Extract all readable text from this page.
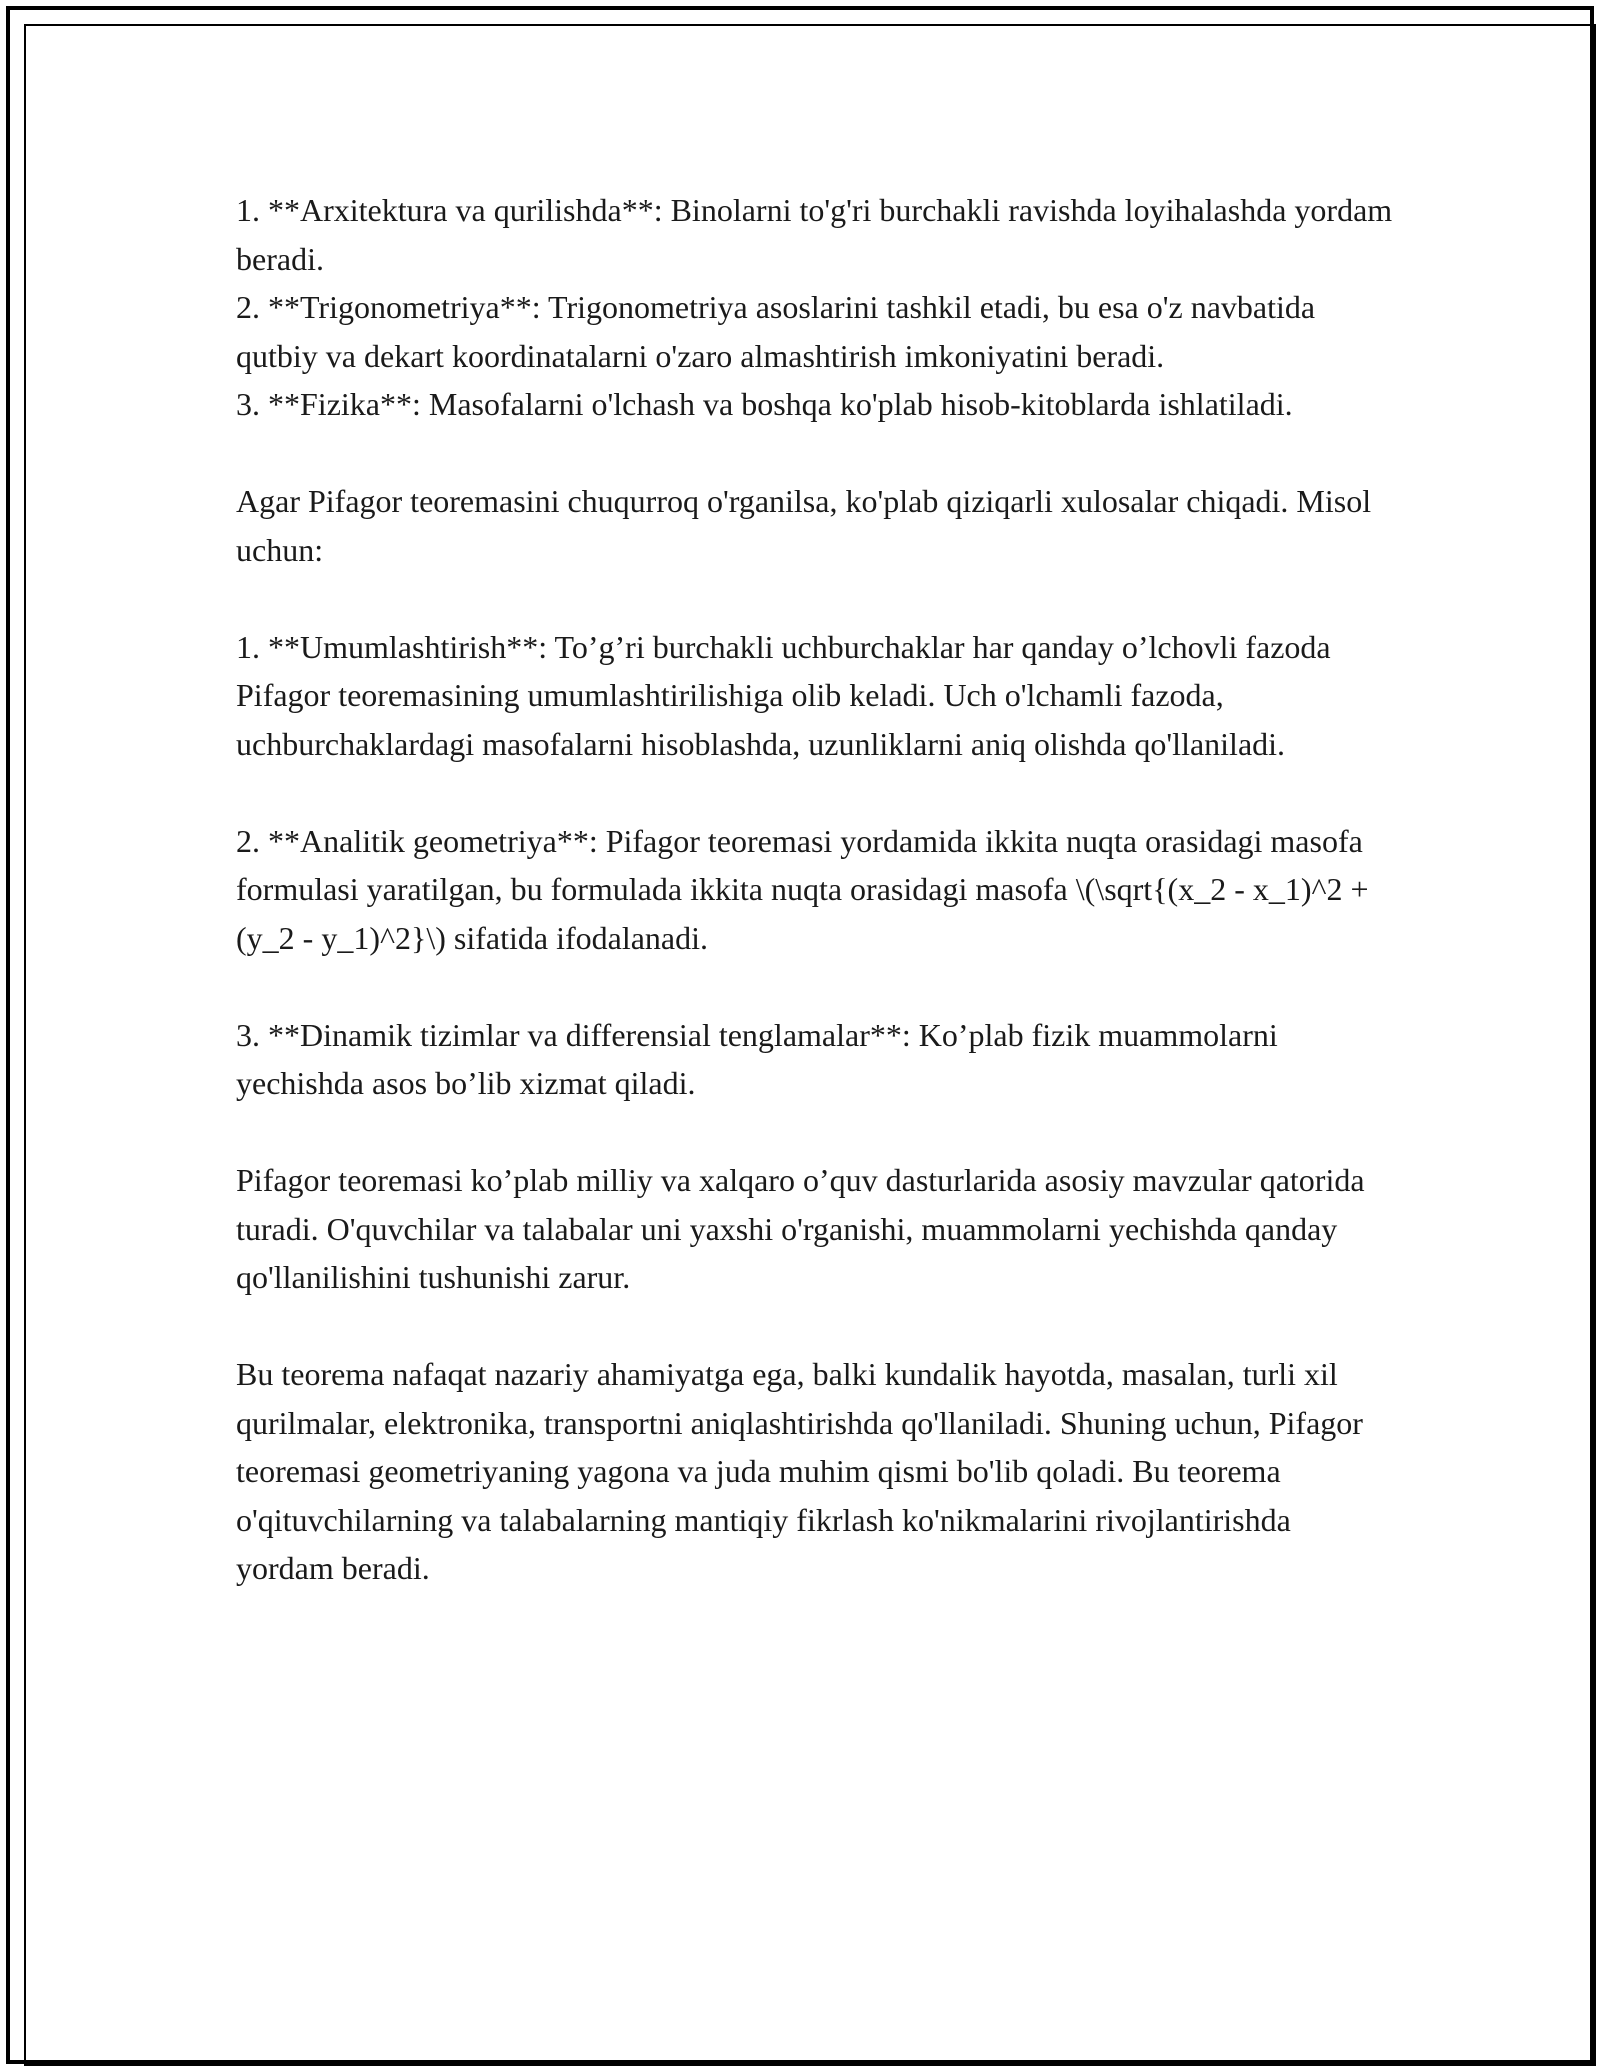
1. **Arxitektura va qurilishda**: Binolarni to'g'ri burchakli ravishda loyihalashda yordam beradi.
2. **Trigonometriya**: Trigonometriya asoslarini tashkil etadi, bu esa o'z navbatida qutbiy va dekart koordinatalarni o'zaro almashtirish imkoniyatini beradi.
3. **Fizika**: Masofalarni o'lchash va boshqa ko'plab hisob-kitoblarda ishlatiladi.
Agar Pifagor teoremasini chuqurroq o'rganilsa, ko'plab qiziqarli xulosalar chiqadi. Misol uchun:
1. **Umumlashtirish**: To’g’ri burchakli uchburchaklar har qanday o’lchovli fazoda Pifagor teoremasining umumlashtirilishiga olib keladi. Uch o'lchamli fazoda, uchburchaklardagi masofalarni hisoblashda, uzunliklarni aniq olishda qo'llaniladi.
2. **Analitik geometriya**: Pifagor teoremasi yordamida ikkita nuqta orasidagi masofa formulasi yaratilgan, bu formulada ikkita nuqta orasidagi masofa \(\sqrt{(x_2 - x_1)^2 + (y_2 - y_1)^2}\) sifatida ifodalanadi.
3. **Dinamik tizimlar va differensial tenglamalar**: Ko’plab fizik muammolarni yechishda asos bo’lib xizmat qiladi.
Pifagor teoremasi ko’plab milliy va xalqaro o’quv dasturlarida asosiy mavzular qatorida turadi. O'quvchilar va talabalar uni yaxshi o'rganishi, muammolarni yechishda qanday qo'llanilishini tushunishi zarur.
Bu teorema nafaqat nazariy ahamiyatga ega, balki kundalik hayotda, masalan, turli xil qurilmalar, elektronika, transportni aniqlashtirishda qo'llaniladi. Shuning uchun, Pifagor teoremasi geometriyaning yagona va juda muhim qismi bo'lib qoladi. Bu teorema o'qituvchilarning va talabalarning mantiqiy fikrlash ko'nikmalarini rivojlantirishda yordam beradi.
